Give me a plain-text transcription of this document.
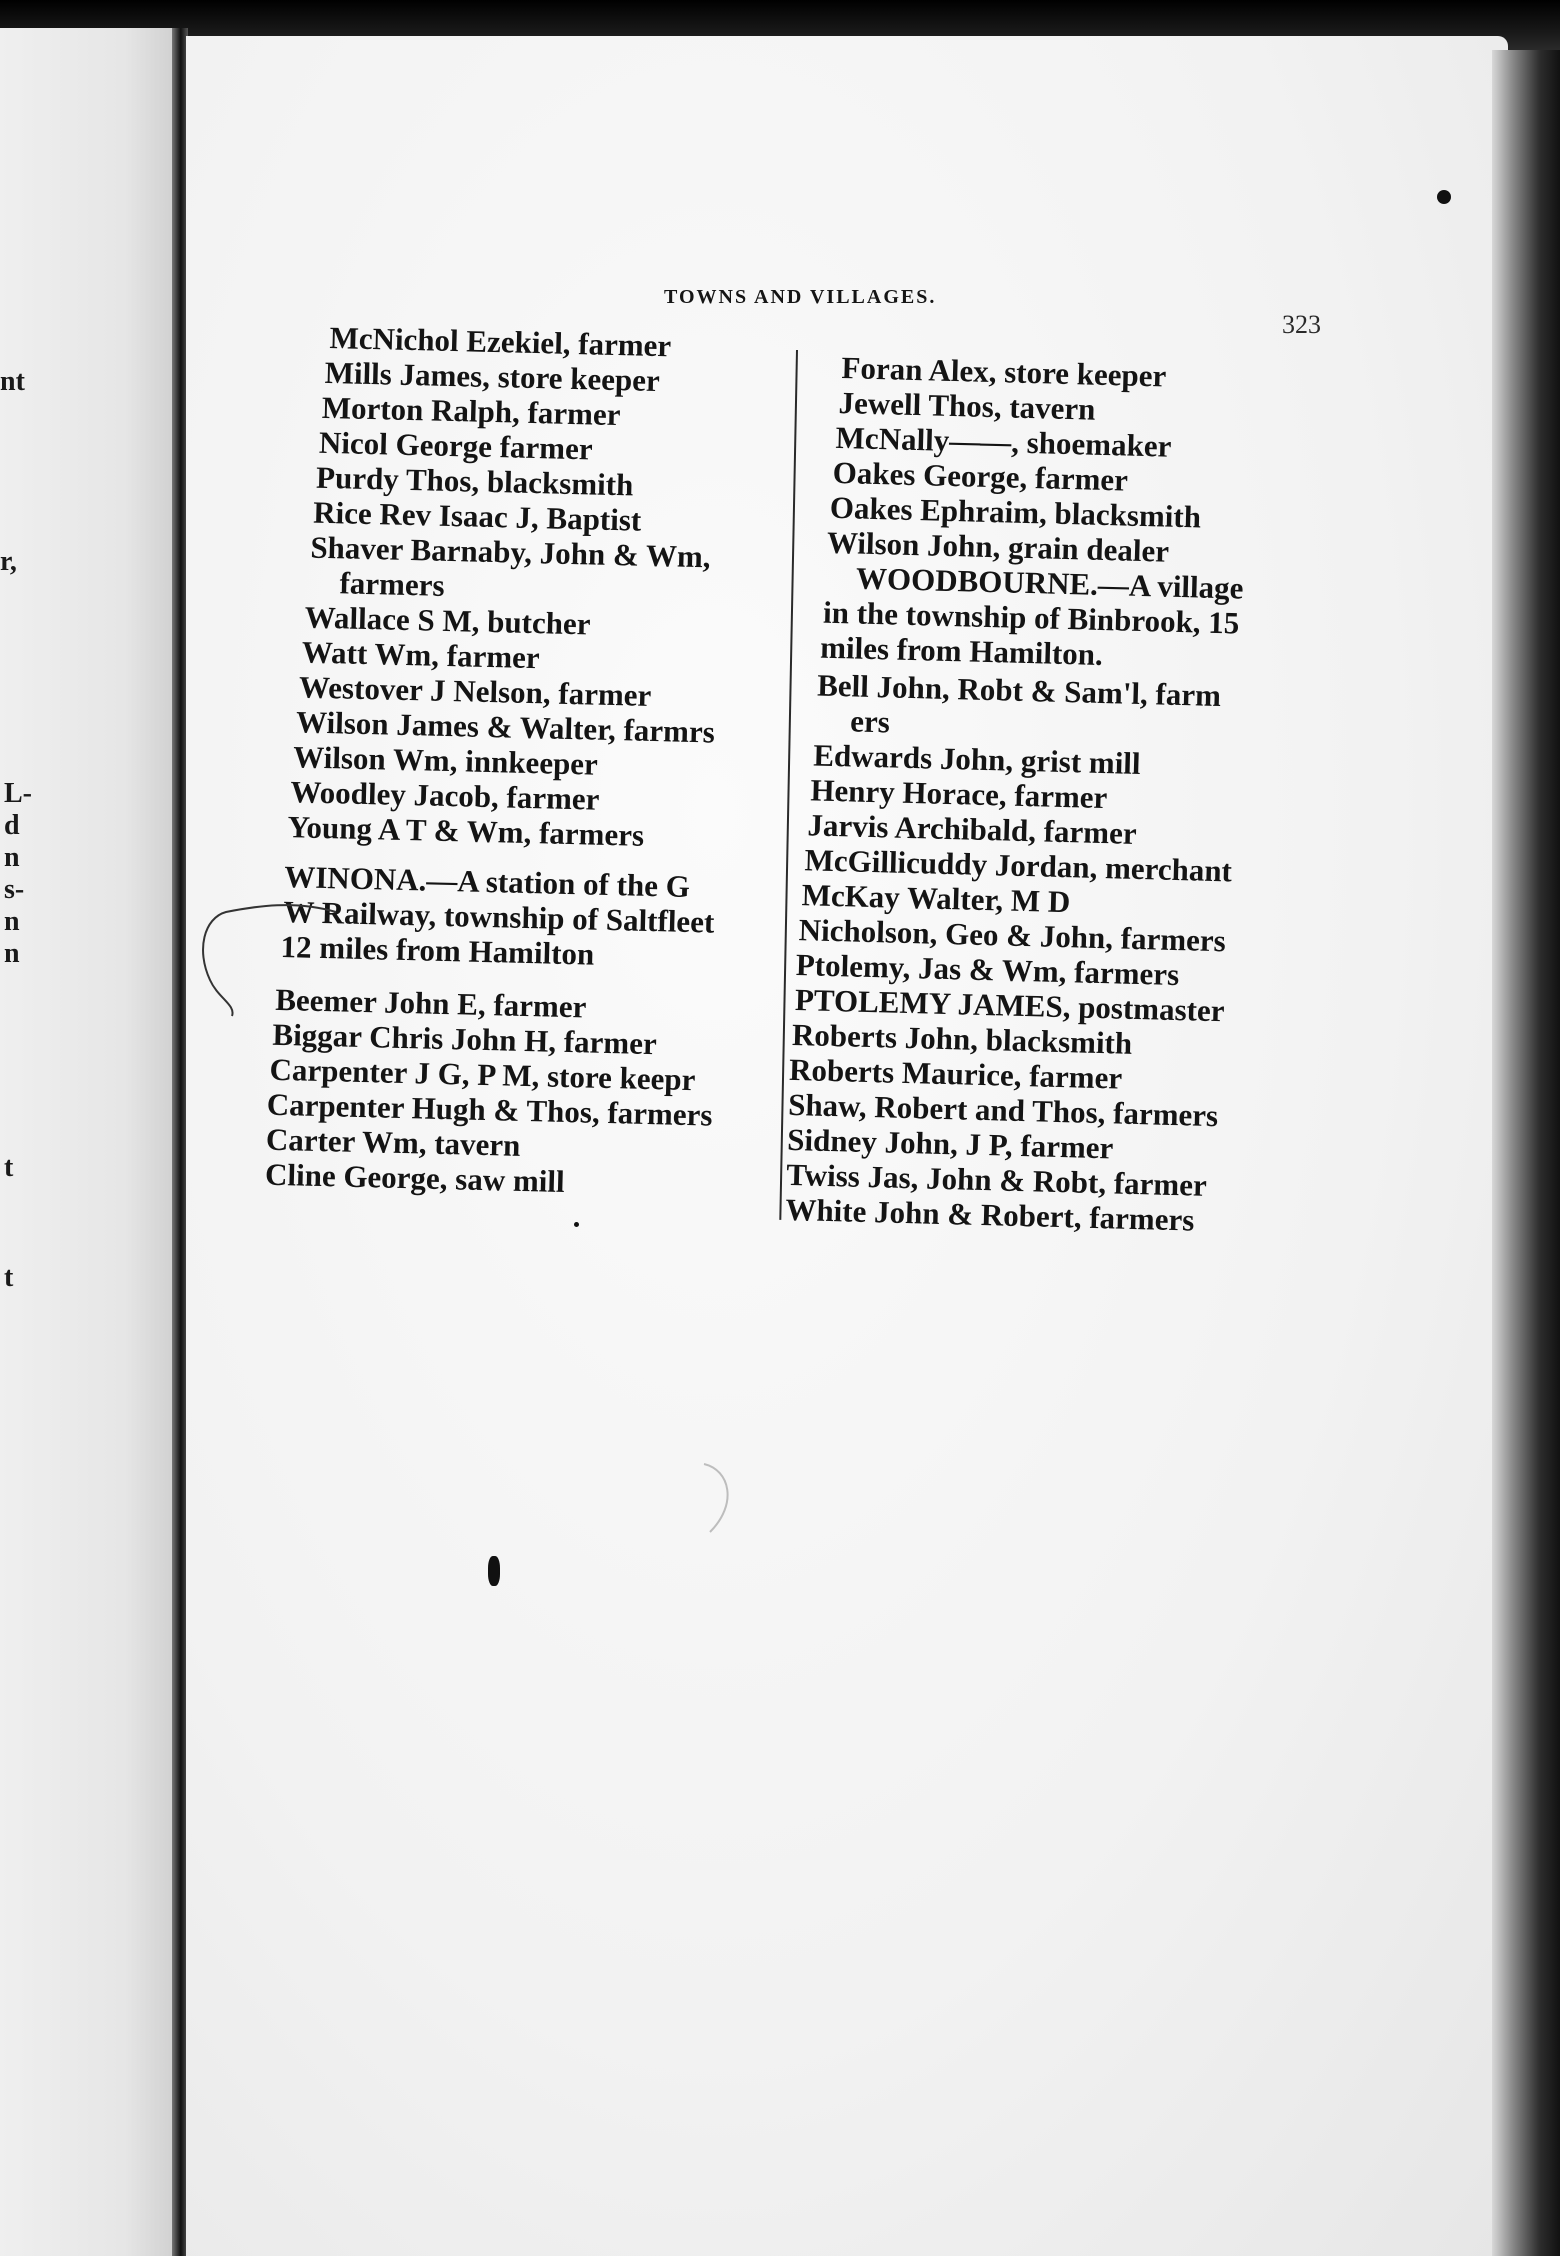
nt
r,
L-
d
n
s-
n
n
t
t
TOWNS AND VILLAGES.
323
McNichol Ezekiel, farmer
Mills James, store keeper
Morton Ralph, farmer
Nicol George farmer
Purdy Thos, blacksmith
Rice Rev Isaac J, Baptist
Shaver Barnaby, John & Wm,
farmers
Wallace S M, butcher
Watt Wm, farmer
Westover J Nelson, farmer
Wilson James & Walter, farmrs
Wilson Wm, innkeeper
Woodley Jacob, farmer
Young A T & Wm, farmers
WINONA.—A station of the G
W Railway, township of Saltfleet
12 miles from Hamilton
Beemer John E, farmer
Biggar Chris John H, farmer
Carpenter J G, P M, store keepr
Carpenter Hugh & Thos, farmers
Carter Wm, tavern
Cline George, saw mill
Foran Alex, store keeper
Jewell Thos, tavern
McNally——, shoemaker
Oakes George, farmer
Oakes Ephraim, blacksmith
Wilson John, grain dealer
WOODBOURNE.—A village
in the township of Binbrook, 15
miles from Hamilton.
Bell John, Robt & Sam'l, farm
ers
Edwards John, grist mill
Henry Horace, farmer
Jarvis Archibald, farmer
McGillicuddy Jordan, merchant
McKay Walter, M D
Nicholson, Geo & John, farmers
Ptolemy, Jas & Wm, farmers
PTOLEMY JAMES, postmaster
Roberts John, blacksmith
Roberts Maurice, farmer
Shaw, Robert and Thos, farmers
Sidney John, J P, farmer
Twiss Jas, John & Robt, farmer
White John & Robert, farmers
